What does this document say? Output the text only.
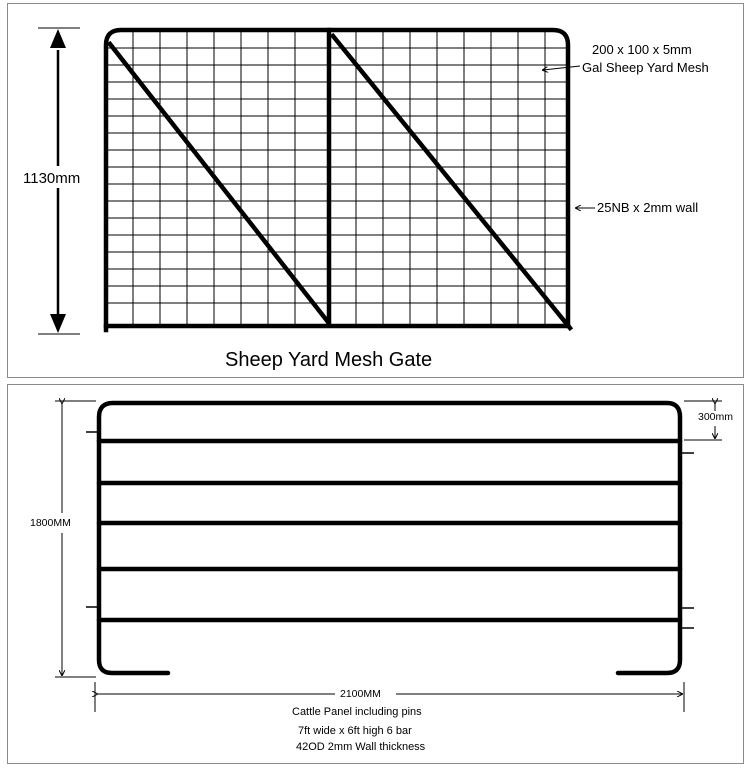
1130mm
200 x 100 x 5mm
Gal Sheep Yard Mesh
25NB x 2mm wall
Sheep Yard Mesh Gate
1800MM
2100MM
300mm
Cattle Panel including pins
7ft wide x 6ft high 6 bar
42OD 2mm Wall thickness
